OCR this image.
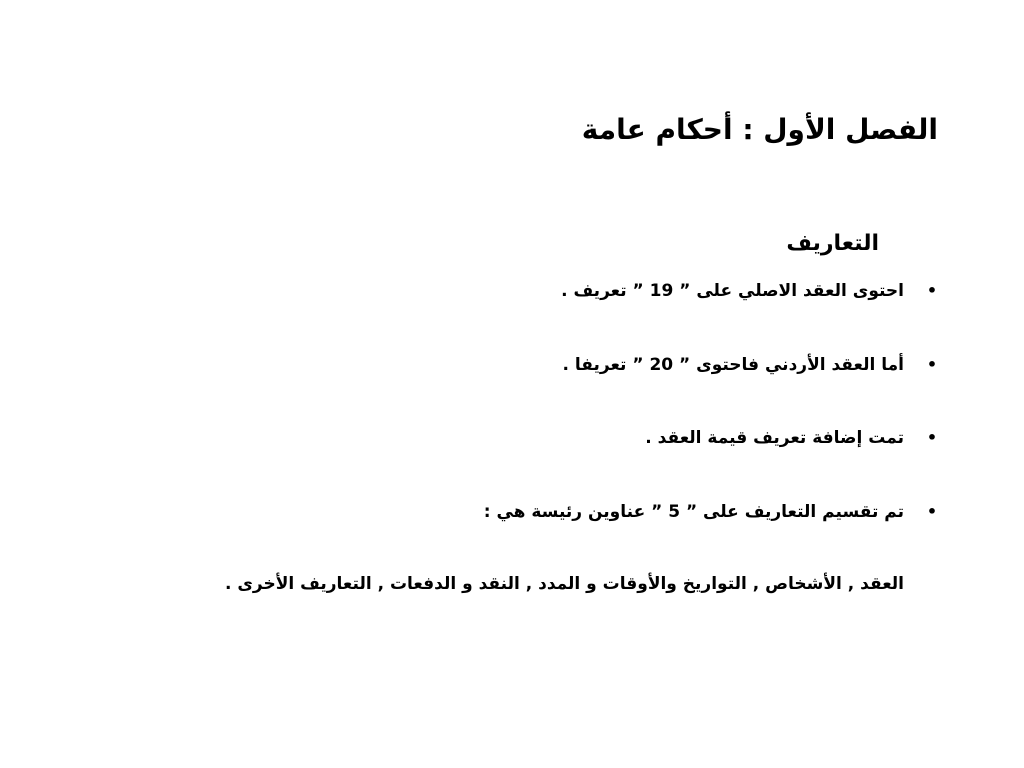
الفصل الأول : أحكام عامة
التعاريف
•
احتوى العقد الاصلي على ” 19 ” تعريف .
•
أما العقد الأردني فاحتوى ” 20 ” تعريفا .
•
تمت إضافة تعريف قيمة العقد .
•
تم تقسيم التعاريف على ” 5 ” عناوين رئيسة هي :
العقد , الأشخاص , التواريخ والأوقات و المدد , النقد و الدفعات , التعاريف الأخرى .
